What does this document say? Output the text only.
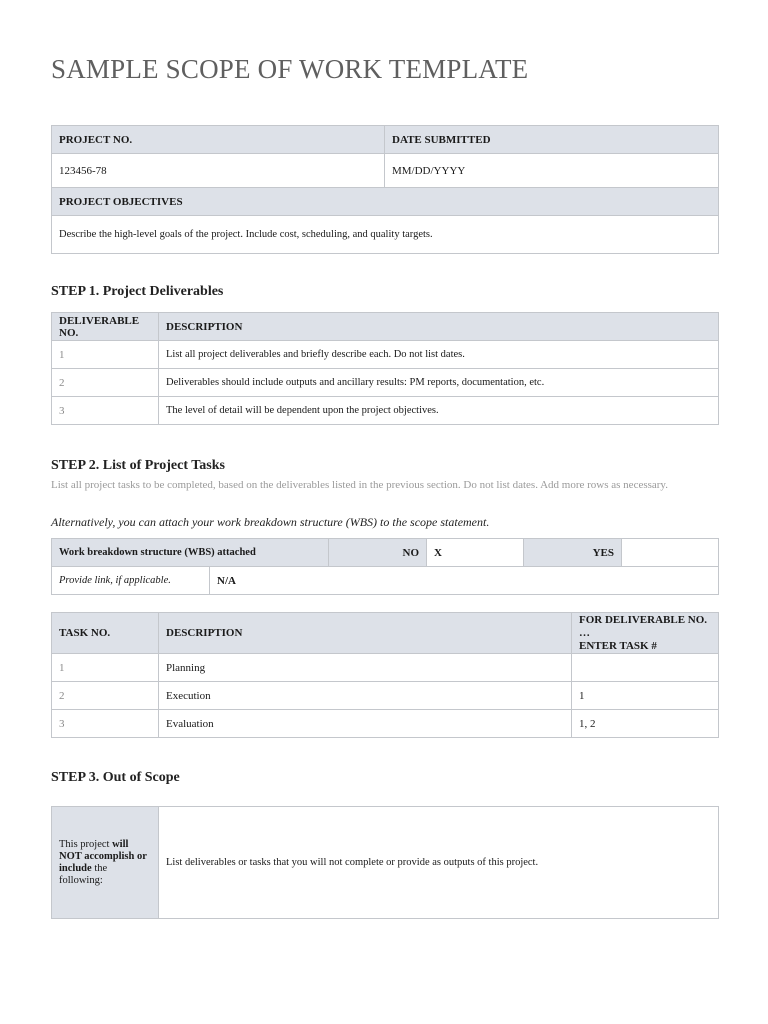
SAMPLE SCOPE OF WORK TEMPLATE
PROJECT NO.	DATE SUBMITTED
123456-78	MM/DD/YYYY
PROJECT OBJECTIVES	
Describe the high-level goals of the project. Include cost, scheduling, and quality targets.	
STEP 1. Project Deliverables
DELIVERABLE NO.	DESCRIPTION
1	List all project deliverables and briefly describe each. Do not list dates.
2	Deliverables should include outputs and ancillary results: PM reports, documentation, etc.
3	The level of detail will be dependent upon the project objectives.
STEP 2. List of Project Tasks
List all project tasks to be completed, based on the deliverables listed in the previous section. Do not list dates. Add more rows as necessary.
Alternatively, you can attach your work breakdown structure (WBS) to the scope statement.
Work breakdown structure (WBS) attached		NO	X	YES	
Provide link, if applicable.	N/A				
TASK NO.	DESCRIPTION	FOR DELIVERABLE NO. …
ENTER TASK #

1	Planning	
2	Execution	1
3	Evaluation	1, 2
STEP 3. Out of Scope
This project will NOT accomplish or include the following:	List deliverables or tasks that you will not complete or provide as outputs of this project.
